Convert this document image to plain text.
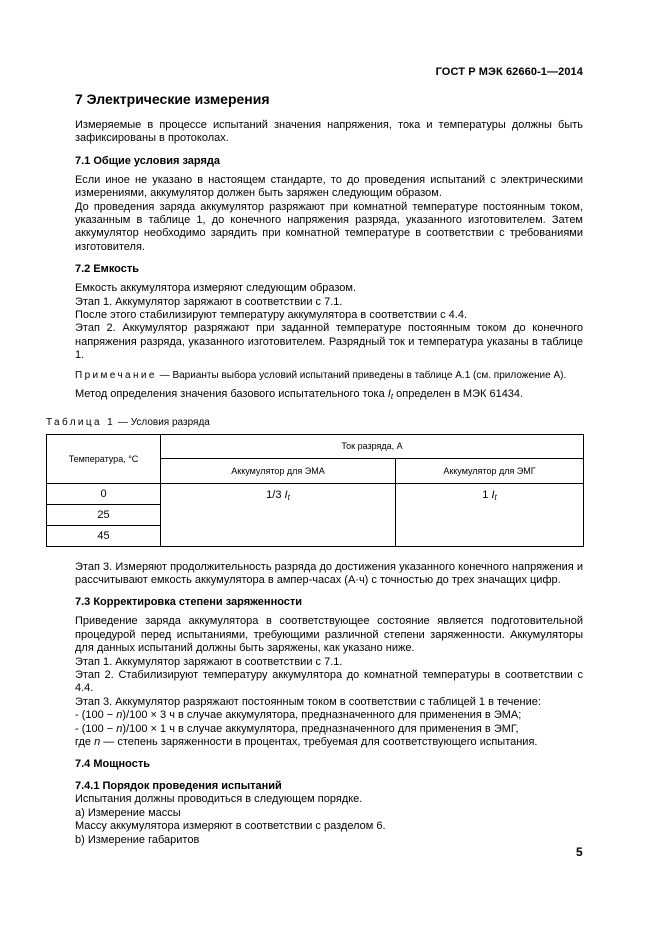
ГОСТ Р МЭК 62660-1—2014
7 Электрические измерения

Измеряемые в процессе испытаний значения напряжения, тока и температуры должны быть зафиксированы в протоколах.

7.1 Общие условия заряда

Если иное не указано в настоящем стандарте, то до проведения испытаний с электрическими измерениями, аккумулятор должен быть заряжен следующим образом.

До проведения заряда аккумулятор разряжают при комнатной температуре постоянным током, указанным в таблице 1, до конечного напряжения разряда, указанного изготовителем. Затем аккумулятор необходимо зарядить при комнатной температуре в соответствии с требованиями изготовителя.

7.2 Емкость

Емкость аккумулятора измеряют следующим образом.

Этап 1. Аккумулятор заряжают в соответствии с 7.1.

После этого стабилизируют температуру аккумулятора в соответствии с 4.4.

Этап 2. Аккумулятор разряжают при заданной температуре постоянным током до конечного напряжения разряда, указанного изготовителем. Разрядный ток и температура указаны в таблице 1.

Примечание — Варианты выбора условий испытаний приведены в таблице А.1 (см. приложение А).

Метод определения значения базового испытательного тока It определен в МЭК 61434.

Таблица 1 — Условия разряда
Температура, °С	Ток разряда, А	
	Аккумулятор для ЭМА	Аккумулятор для ЭМГ
0	1/3 It	1 It
25		
45		

Этап 3. Измеряют продолжительность разряда до достижения указанного конечного напряжения и рассчитывают емкость аккумулятора в ампер-часах (А·ч) с точностью до трех значащих цифр.

7.3 Корректировка степени заряженности

Приведение заряда аккумулятора в соответствующее состояние является подготовительной процедурой перед испытаниями, требующими различной степени заряженности. Аккумуляторы для данных испытаний должны быть заряжены, как указано ниже.

Этап 1. Аккумулятор заряжают в соответствии с 7.1.

Этап 2. Стабилизируют температуру аккумулятора до комнатной температуры в соответствии с 4.4.

Этап 3. Аккумулятор разряжают постоянным током в соответствии с таблицей 1 в течение:

- (100 − n)/100 × 3 ч в случае аккумулятора, предназначенного для применения в ЭМА;

- (100 − n)/100 × 1 ч в случае аккумулятора, предназначенного для применения в ЭМГ,

где n — степень заряженности в процентах, требуемая для соответствующего испытания.

7.4 Мощность
7.4.1 Порядок проведения испытаний

Испытания должны проводиться в следующем порядке.

a) Измерение массы

Массу аккумулятора измеряют в соответствии с разделом 6.

b) Измерение габаритов

5
